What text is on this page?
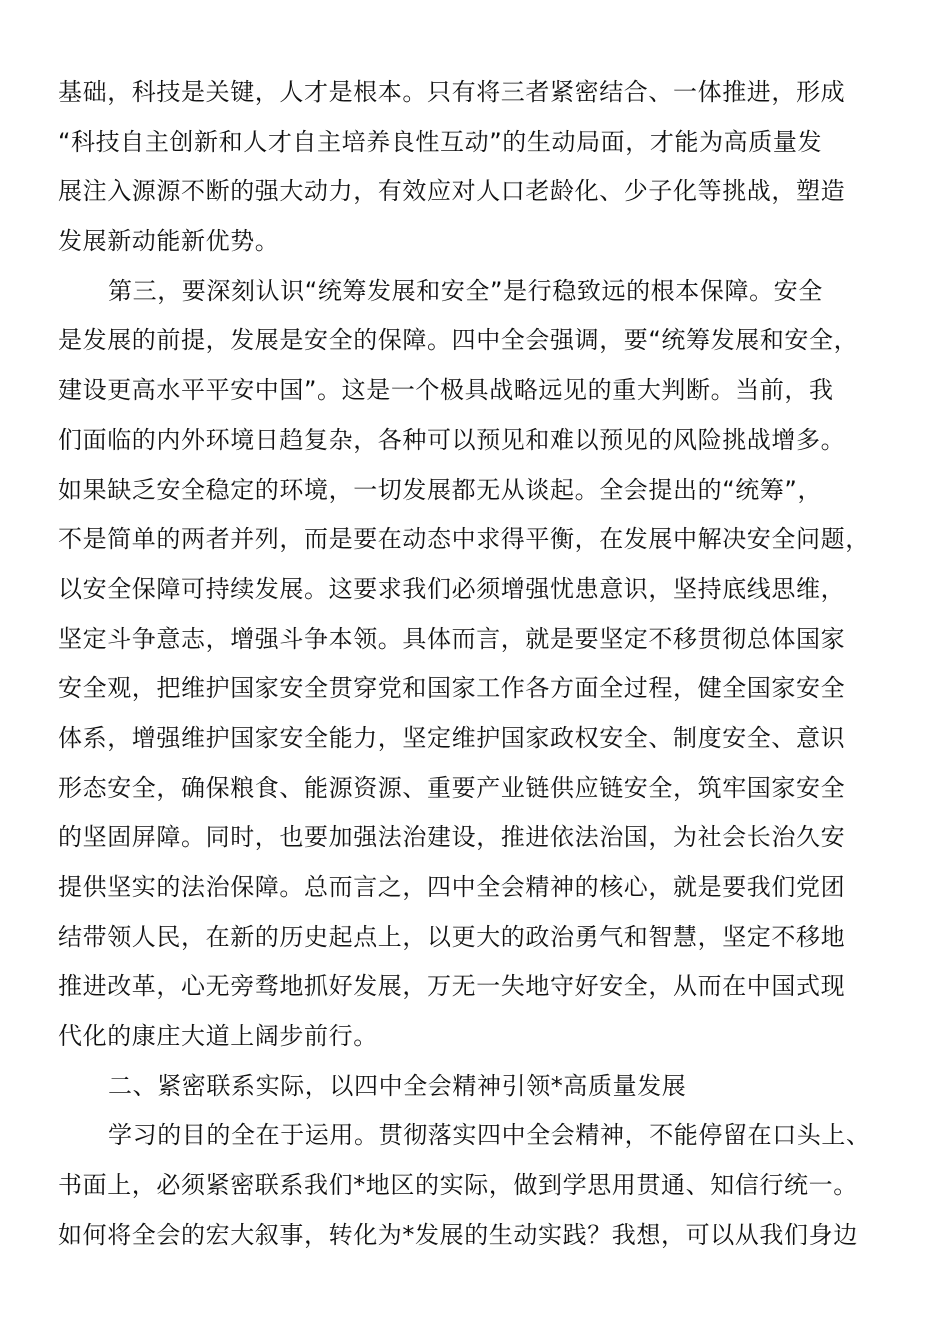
基础，科技是关键，人才是根本。只有将三者紧密结合、一体推进，形成
“科技自主创新和人才自主培养良性互动”的生动局面，才能为高质量发
展注入源源不断的强大动力，有效应对人口老龄化、少子化等挑战，塑造
发展新动能新优势。
第三，要深刻认识“统筹发展和安全”是行稳致远的根本保障。安全
是发展的前提，发展是安全的保障。四中全会强调，要“统筹发展和安全，
建设更高水平平安中国”。这是一个极具战略远见的重大判断。当前，我
们面临的内外环境日趋复杂，各种可以预见和难以预见的风险挑战增多。
如果缺乏安全稳定的环境，一切发展都无从谈起。全会提出的“统筹”，
不是简单的两者并列，而是要在动态中求得平衡，在发展中解决安全问题，
以安全保障可持续发展。这要求我们必须增强忧患意识，坚持底线思维，
坚定斗争意志，增强斗争本领。具体而言，就是要坚定不移贯彻总体国家
安全观，把维护国家安全贯穿党和国家工作各方面全过程，健全国家安全
体系，增强维护国家安全能力，坚定维护国家政权安全、制度安全、意识
形态安全，确保粮食、能源资源、重要产业链供应链安全，筑牢国家安全
的坚固屏障。同时，也要加强法治建设，推进依法治国，为社会长治久安
提供坚实的法治保障。总而言之，四中全会精神的核心，就是要我们党团
结带领人民，在新的历史起点上，以更大的政治勇气和智慧，坚定不移地
推进改革，心无旁骛地抓好发展，万无一失地守好安全，从而在中国式现
代化的康庄大道上阔步前行。
二、紧密联系实际，以四中全会精神引领*高质量发展
学习的目的全在于运用。贯彻落实四中全会精神，不能停留在口头上、
书面上，必须紧密联系我们*地区的实际，做到学思用贯通、知信行统一。
如何将全会的宏大叙事，转化为*发展的生动实践？我想，可以从我们身边
